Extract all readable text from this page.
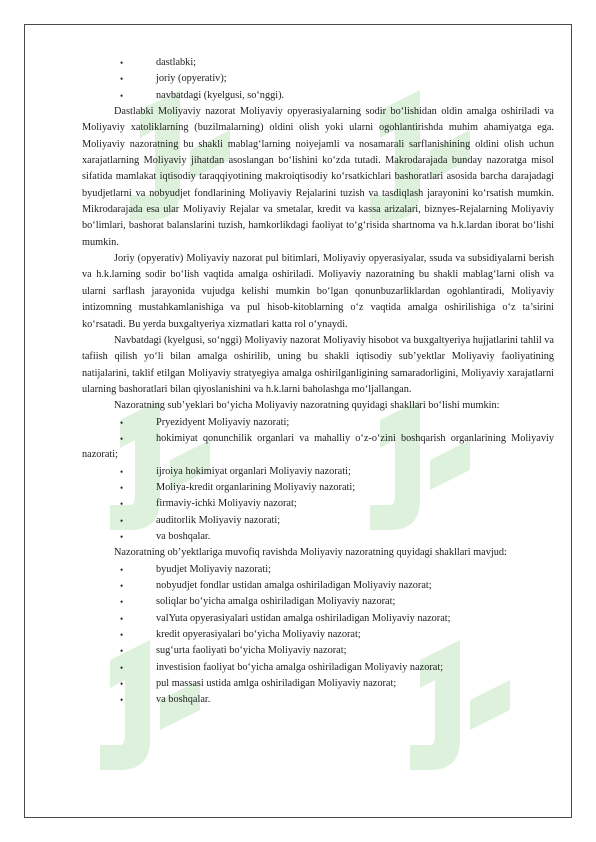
•	dastlabki;
•	joriy (opyerativ);
•	navbatdagi (kyelgusi, so‘nggi).

Dastlabki Moliyaviy nazorat Moliyaviy opyerasiyalarning sodir bo‘lishidan oldin amalga oshiriladi va Moliyaviy xatoliklarning (buzilmalarning) oldini olish yoki ularni ogohlantirishda muhim ahamiyatga ega. Moliyaviy nazoratning bu shakli mablag‘larning noiyejamli va nosamarali sarflanishining oldini olish uchun xarajatlarning Moliyaviy jihatdan asoslangan bo‘lishini ko‘zda tutadi. Makrodarajada bunday nazoratga misol sifatida mamlakat iqtisodiy taraqqiyotining makroiqtisodiy ko‘rsatkichlari bashoratlari asosida barcha darajadagi byudjetlarni va nobyudjet fondlarining Moliyaviy Rejalarini tuzish va tasdiqlash jarayonini ko‘rsatish mumkin. Mikrodarajada esa ular Moliyaviy Rejalar va smetalar, kredit va kassa arizalari, biznyes-Rejalarning Moliyaviy bo‘limlari, bashorat balanslarini tuzish, hamkorlikdagi faoliyat to‘g‘risida shartnoma va h.k.lardan iborat bo‘lishi mumkin.

Joriy (opyerativ) Moliyaviy nazorat pul bitimlari, Moliyaviy opyerasiyalar, ssuda va subsidiyalarni berish va h.k.larning sodir bo‘lish vaqtida amalga oshiriladi. Moliyaviy nazoratning bu shakli mablag‘larni olish va ularni sarflash jarayonida vujudga kelishi mumkin bo‘lgan qonunbuzarliklardan ogohlantiradi, Moliyaviy intizomning mustahkamlanishiga va pul hisob-kitoblarning o‘z vaqtida amalga oshirilishiga o‘z ta’sirini ko‘rsatadi. Bu yerda buxgaltyeriya xizmatlari katta rol o‘ynaydi.

Navbatdagi (kyelgusi, so‘nggi) Moliyaviy nazorat Moliyaviy hisobot va buxgaltyeriya hujjatlarini tahlil va tafiish qilish yo‘li bilan amalga oshirilib, uning bu shakli iqtisodiy sub’yektlar Moliyaviy faoliyatining natijalarini, taklif etilgan Moliyaviy stratyegiya amalga oshirilganligining samaradorligini, Moliyaviy xarajatlarni ularning bashoratlari bilan qiyoslanishini va h.k.larni baholashga mo‘ljallangan.

Nazoratning sub’yeklari bo‘yicha Moliyaviy nazoratning quyidagi shakllari bo‘lishi mumkin:

•	Pryezidyent Moliyaviy nazorati;
•	hokimiyat qonunchilik organlari va mahalliy o‘z-o‘zini boshqarish organlarining Moliyaviy nazorati;
•	ijroiya hokimiyat organlari Moliyaviy nazorati;
•	Moliya-kredit organlarining Moliyaviy nazorati;
•	firmaviy-ichki Moliyaviy nazorat;
•	auditorlik Moliyaviy nazorati;
•	va boshqalar.

Nazoratning ob’yektlariga muvofiq ravishda Moliyaviy nazoratning quyidagi shakllari mavjud:

•	byudjet Moliyaviy nazorati;
•	nobyudjet fondlar ustidan amalga oshiriladigan Moliyaviy nazorat;
•	soliqlar bo‘yicha amalga oshiriladigan Moliyaviy nazorat;
•	valYuta opyerasiyalari ustidan amalga oshiriladigan Moliyaviy nazorat;
•	kredit opyerasiyalari bo‘yicha Moliyaviy nazorat;
•	sug‘urta faoliyati bo‘yicha Moliyaviy nazorat;
•	investision faoliyat bo‘yicha amalga oshiriladigan Moliyaviy nazorat;
•	pul massasi ustida amlga oshiriladigan Moliyaviy nazorat;
•	va boshqalar.
